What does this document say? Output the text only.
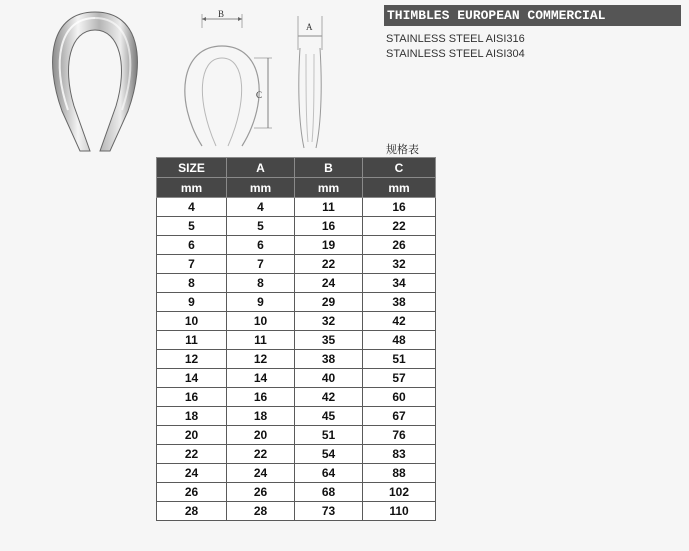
B
C
A
THIMBLES EUROPEAN COMMERCIAL
STAINLESS STEEL AISI316
STAINLESS STEEL AISI304
规格表
SIZE	A	B	C
mm	mm	mm	mm
4	4	11	16
5	5	16	22
6	6	19	26
7	7	22	32
8	8	24	34
9	9	29	38
10	10	32	42
11	11	35	48
12	12	38	51
14	14	40	57
16	16	42	60
18	18	45	67
20	20	51	76
22	22	54	83
24	24	64	88
26	26	68	102
28	28	73	110
